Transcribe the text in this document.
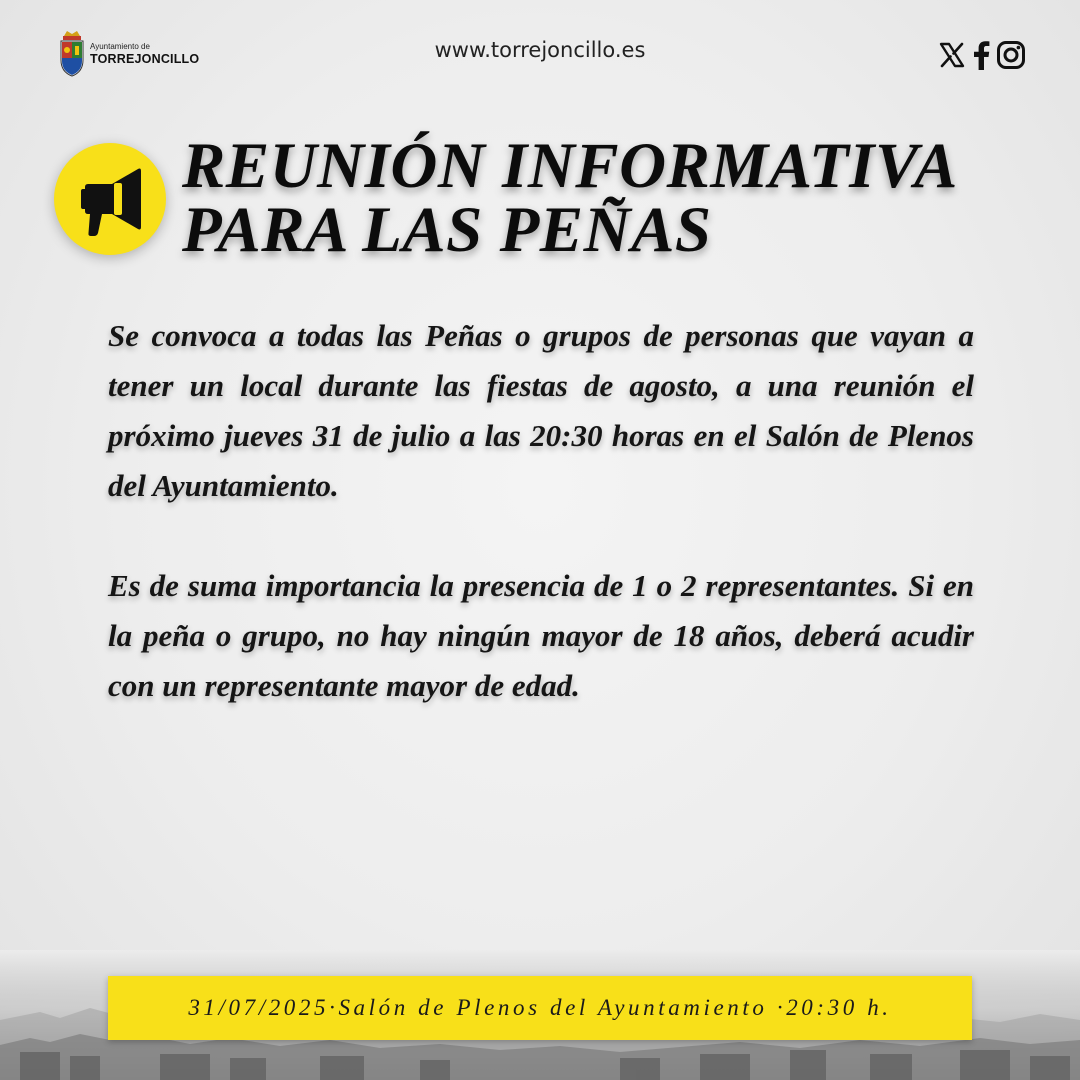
Ayuntamiento de
TORREJONCILLO	www.torrejoncillo.es
REUNIÓN INFORMATIVA
PARA LAS PEÑAS

Se convoca a todas las Peñas o grupos de personas que vayan a tener un local durante las fiestas de agosto, a una reunión el próximo jueves 31 de julio a las 20:30 horas en el Salón de Plenos del Ayuntamiento.

Es de suma importancia la presencia de 1 o 2 representantes. Si en la peña o grupo, no hay ningún mayor de 18 años, deberá acudir con un representante mayor de edad.

31/07/2025·Salón de Plenos del Ayuntamiento ·20:30 h.
